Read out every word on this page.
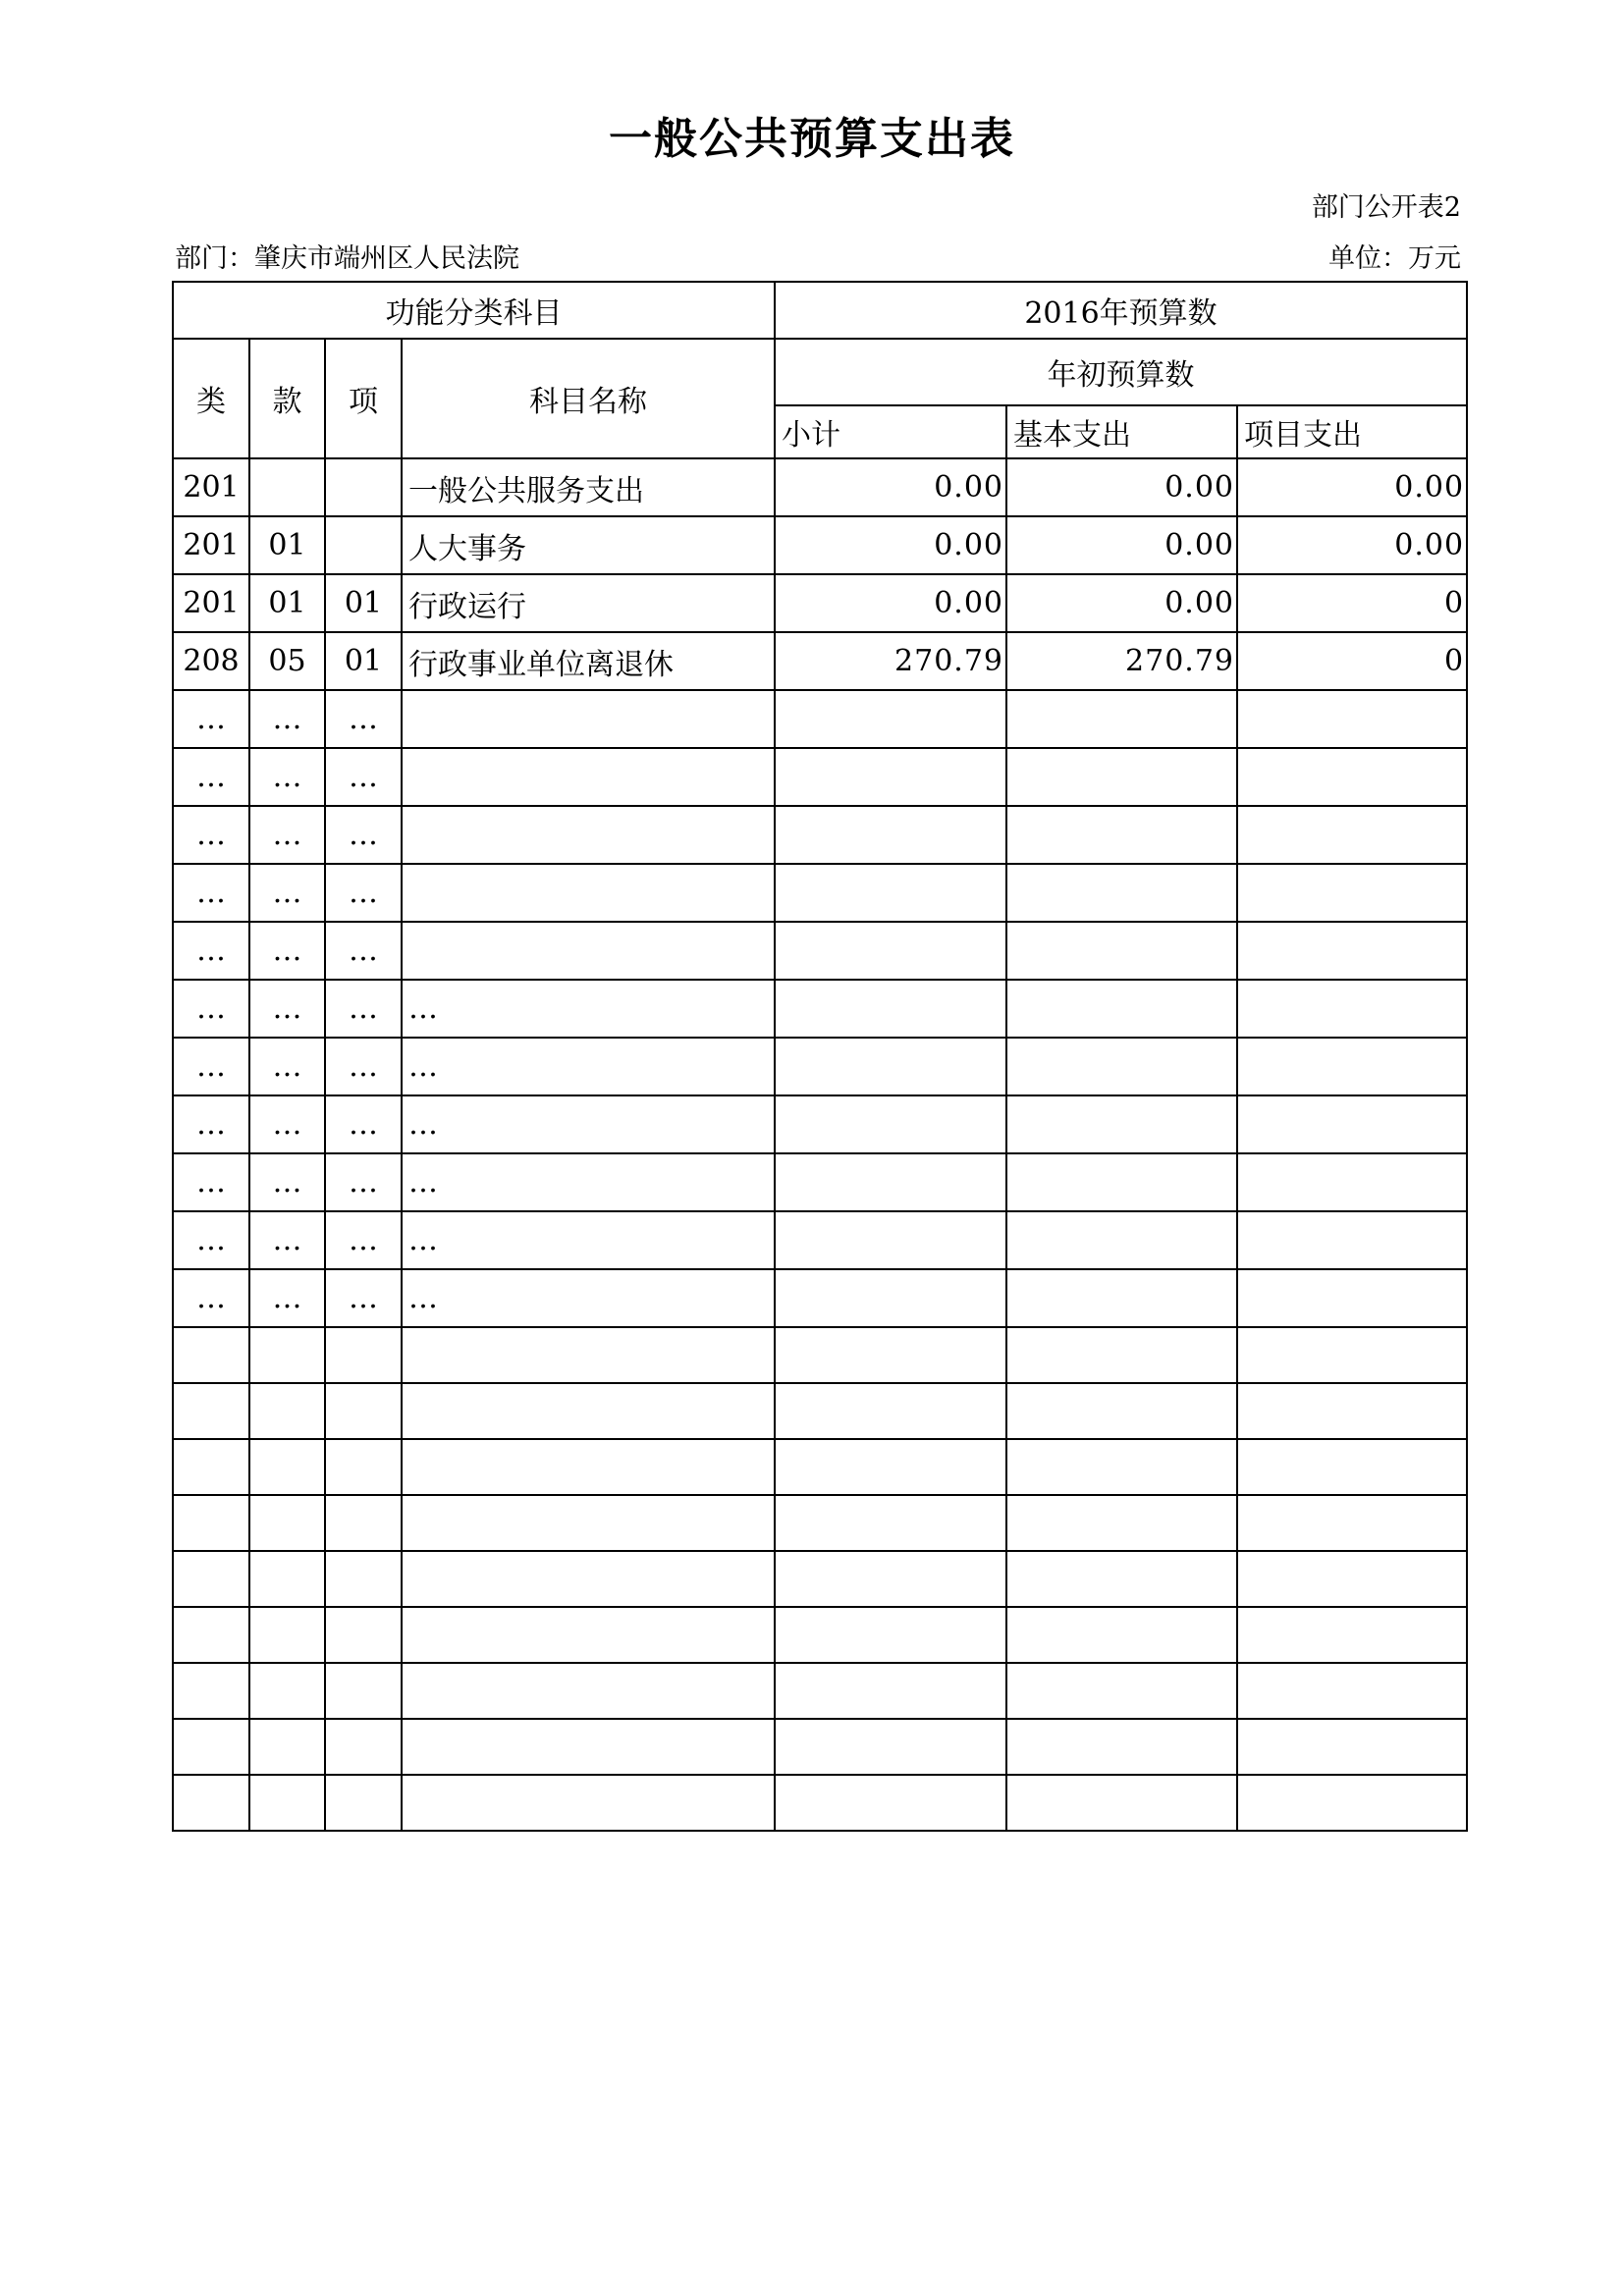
一般公共预算支出表
部门公开表2
部门：肇庆市端州区人民法院	单位：万元
功能分类科目				2016年预算数		
类	款	项	科目名称	年初预算数		
				小计	基本支出	项目支出
201			一般公共服务支出	0.00	0.00	0.00
201	01		人大事务	0.00	0.00	0.00
201	01	01	行政运行	0.00	0.00	0
208	05	01	行政事业单位离退休	270.79	270.79	0
…	…	…				
…	…	…				
…	…	…				
…	…	…				
…	…	…				
…	…	…	…			
…	…	…	…			
…	…	…	…			
…	…	…	…			
…	…	…	…			
…	…	…	…			
